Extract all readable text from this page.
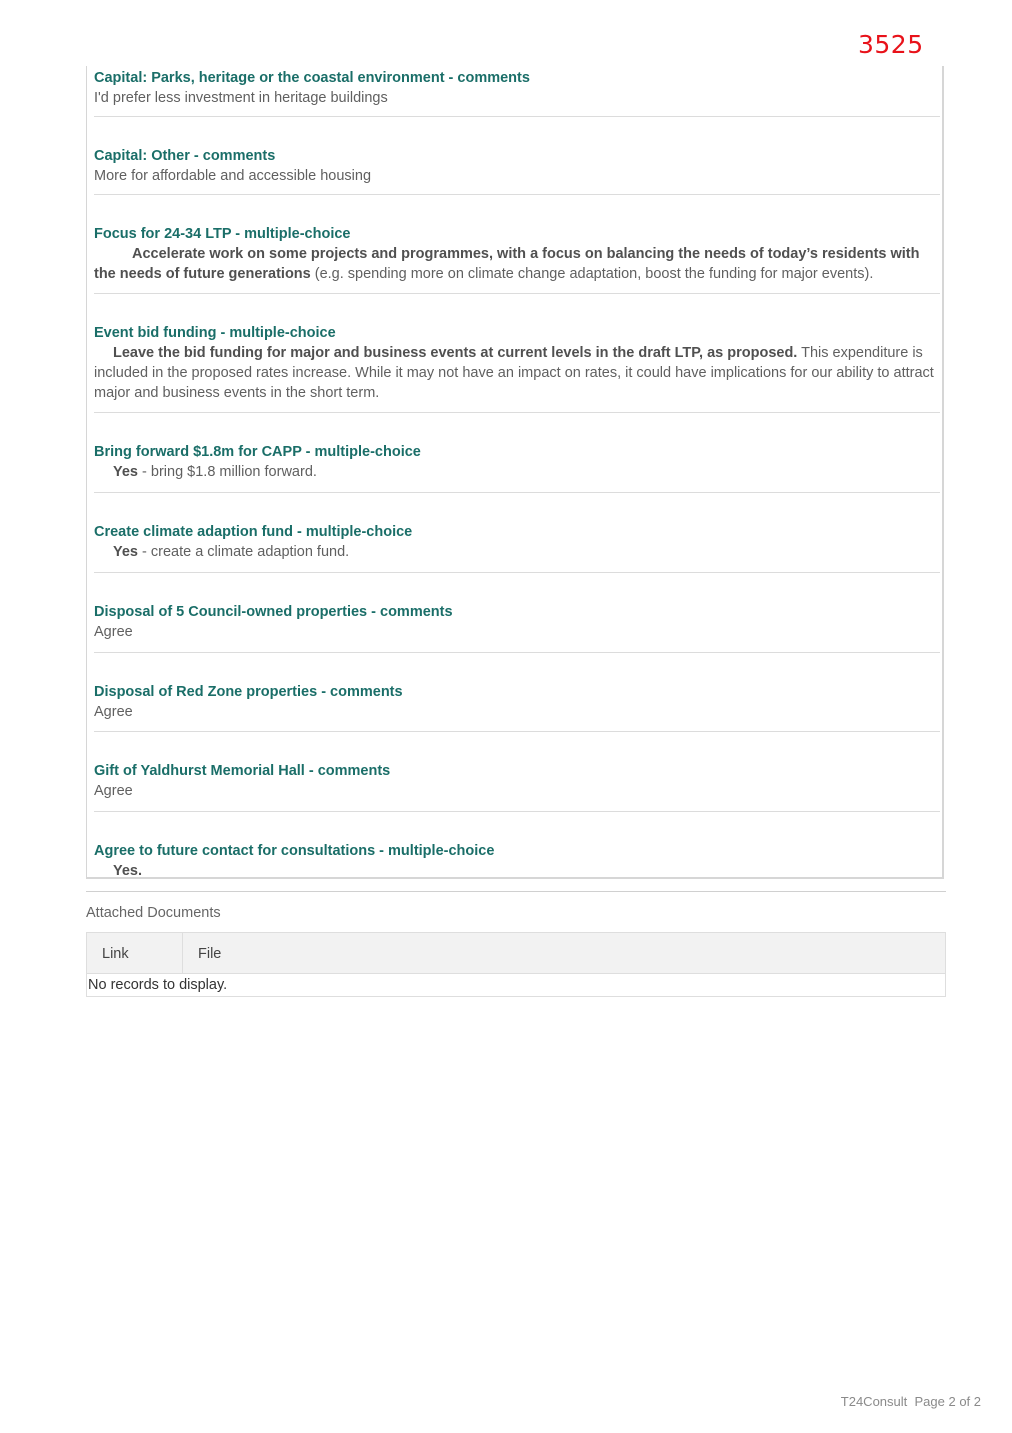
3525
Capital: Parks, heritage or the coastal environment - comments
I'd prefer less investment in heritage buildings
Capital: Other - comments
More for affordable and accessible housing
Focus for 24-34 LTP - multiple-choice
Accelerate work on some projects and programmes, with a focus on balancing the needs of today’s residents with the needs of future generations (e.g. spending more on climate change adaptation, boost the funding for major events).
Event bid funding - multiple-choice
Leave the bid funding for major and business events at current levels in the draft LTP, as proposed. This expenditure is included in the proposed rates increase. While it may not have an impact on rates, it could have implications for our ability to attract major and business events in the short term.
Bring forward $1.8m for CAPP - multiple-choice
Yes - bring $1.8 million forward.
Create climate adaption fund - multiple-choice
Yes - create a climate adaption fund.
Disposal of 5 Council-owned properties - comments
Agree
Disposal of Red Zone properties - comments
Agree
Gift of Yaldhurst Memorial Hall - comments
Agree
Agree to future contact for consultations - multiple-choice
Yes.
Attached Documents
Link	File
No records to display.
T24Consult Page 2 of 2
